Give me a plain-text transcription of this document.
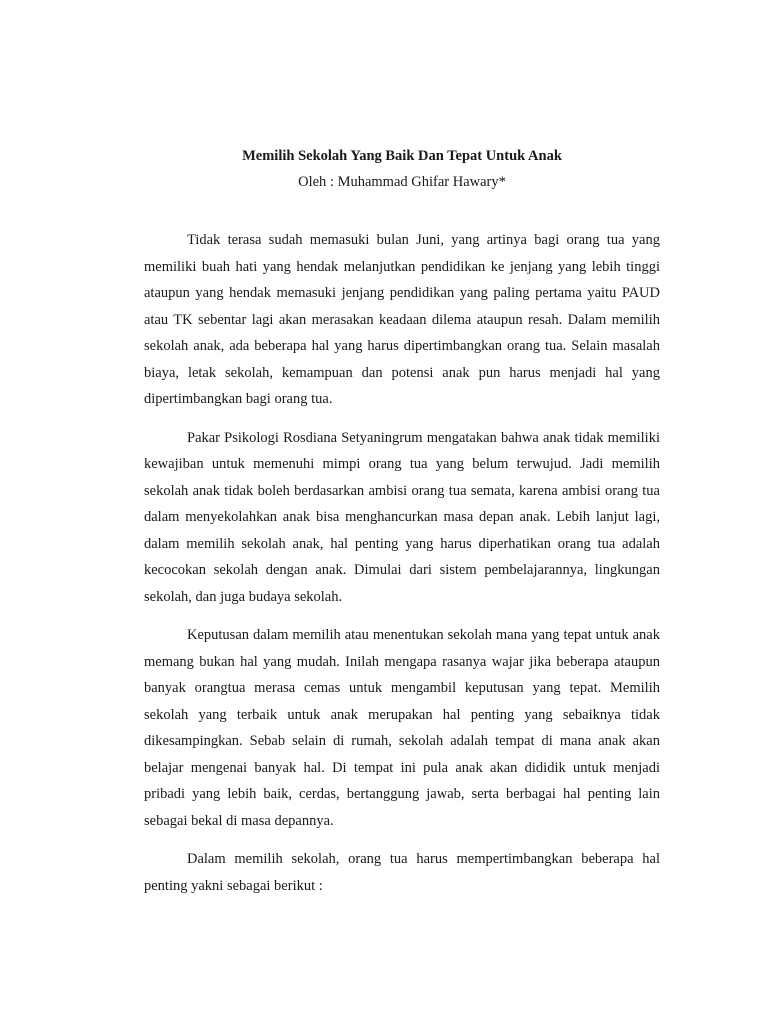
Memilih Sekolah Yang Baik Dan Tepat Untuk Anak

Oleh : Muhammad Ghifar Hawary*

Tidak terasa sudah memasuki bulan Juni, yang artinya bagi orang tua yang memiliki buah hati yang hendak melanjutkan pendidikan ke jenjang yang lebih tinggi ataupun yang hendak memasuki jenjang pendidikan yang paling pertama yaitu PAUD atau TK sebentar lagi akan merasakan keadaan dilema ataupun resah. Dalam memilih sekolah anak, ada beberapa hal yang harus dipertimbangkan orang tua. Selain masalah biaya, letak sekolah, kemampuan dan potensi anak pun harus menjadi hal yang dipertimbangkan bagi orang tua.

Pakar Psikologi Rosdiana Setyaningrum mengatakan bahwa anak tidak memiliki kewajiban untuk memenuhi mimpi orang tua yang belum terwujud. Jadi memilih sekolah anak tidak boleh berdasarkan ambisi orang tua semata, karena ambisi orang tua dalam menyekolahkan anak bisa menghancurkan masa depan anak. Lebih lanjut lagi, dalam memilih sekolah anak, hal penting yang harus diperhatikan orang tua adalah kecocokan sekolah dengan anak. Dimulai dari sistem pembelajarannya, lingkungan sekolah, dan juga budaya sekolah.

Keputusan dalam memilih atau menentukan sekolah mana yang tepat untuk anak memang bukan hal yang mudah. Inilah mengapa rasanya wajar jika beberapa ataupun banyak orangtua merasa cemas untuk mengambil keputusan yang tepat. Memilih sekolah yang terbaik untuk anak merupakan hal penting yang sebaiknya tidak dikesampingkan. Sebab selain di rumah, sekolah adalah tempat di mana anak akan belajar mengenai banyak hal. Di tempat ini pula anak akan dididik untuk menjadi pribadi yang lebih baik, cerdas, bertanggung jawab, serta berbagai hal penting lain sebagai bekal di masa depannya.

Dalam memilih sekolah, orang tua harus mempertimbangkan beberapa hal penting yakni sebagai berikut :
